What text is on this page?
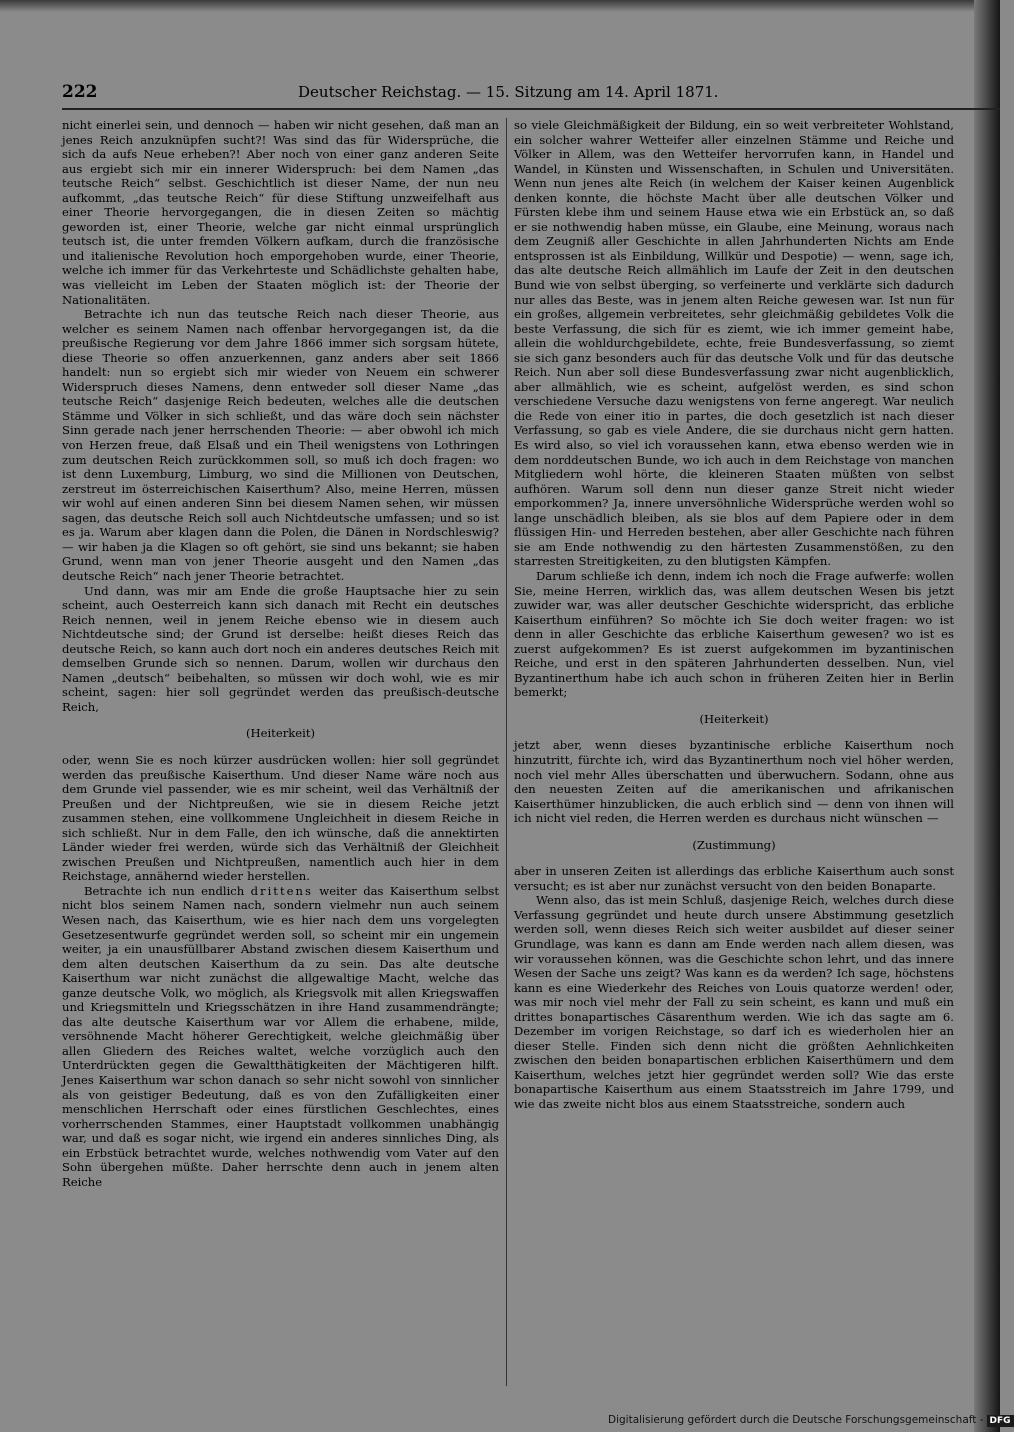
222	Deutscher Reichstag. — 15. Sitzung am 14. April 1871.

nicht einerlei sein, und dennoch — haben wir nicht gesehen, daß man an jenes Reich anzuknüpfen sucht?! Was sind das für Widersprüche, die sich da aufs Neue erheben?! Aber noch von einer ganz anderen Seite aus ergiebt sich mir ein innerer Widerspruch: bei dem Namen „das teutsche Reich“ selbst. Geschichtlich ist dieser Name, der nun neu aufkommt, „das teutsche Reich“ für diese Stiftung unzweifelhaft aus einer Theorie hervorgegangen, die in diesen Zeiten so mächtig geworden ist, einer Theorie, welche gar nicht einmal ursprünglich teutsch ist, die unter fremden Völkern aufkam, durch die französische und italienische Revolution hoch emporgehoben wurde, einer Theorie, welche ich immer für das Verkehrteste und Schädlichste gehalten habe, was vielleicht im Leben der Staaten möglich ist: der Theorie der Nationalitäten.

Betrachte ich nun das teutsche Reich nach dieser Theorie, aus welcher es seinem Namen nach offenbar hervorgegangen ist, da die preußische Regierung vor dem Jahre 1866 immer sich sorgsam hütete, diese Theorie so offen anzuerkennen, ganz anders aber seit 1866 handelt: nun so ergiebt sich mir wieder von Neuem ein schwerer Widerspruch dieses Namens, denn entweder soll dieser Name „das teutsche Reich“ dasjenige Reich bedeuten, welches alle die deutschen Stämme und Völker in sich schließt, und das wäre doch sein nächster Sinn gerade nach jener herrschenden Theorie: — aber obwohl ich mich von Herzen freue, daß Elsaß und ein Theil wenigstens von Lothringen zum deutschen Reich zurückkommen soll, so muß ich doch fragen: wo ist denn Luxemburg, Limburg, wo sind die Millionen von Deutschen, zerstreut im österreichischen Kaiserthum? Also, meine Herren, müssen wir wohl auf einen anderen Sinn bei diesem Namen sehen, wir müssen sagen, das deutsche Reich soll auch Nichtdeutsche umfassen; und so ist es ja. Warum aber klagen dann die Polen, die Dänen in Nordschleswig? — wir haben ja die Klagen so oft gehört, sie sind uns bekannt; sie haben Grund, wenn man von jener Theorie ausgeht und den Namen „das deutsche Reich“ nach jener Theorie betrachtet.

Und dann, was mir am Ende die große Hauptsache hier zu sein scheint, auch Oesterreich kann sich danach mit Recht ein deutsches Reich nennen, weil in jenem Reiche ebenso wie in diesem auch Nichtdeutsche sind; der Grund ist derselbe: heißt dieses Reich das deutsche Reich, so kann auch dort noch ein anderes deutsches Reich mit demselben Grunde sich so nennen. Darum, wollen wir durchaus den Namen „deutsch“ beibehalten, so müssen wir doch wohl, wie es mir scheint, sagen: hier soll gegründet werden das preußisch-deutsche Reich,

(Heiterkeit)

oder, wenn Sie es noch kürzer ausdrücken wollen: hier soll gegründet werden das preußische Kaiserthum. Und dieser Name wäre noch aus dem Grunde viel passender, wie es mir scheint, weil das Verhältniß der Preußen und der Nichtpreußen, wie sie in diesem Reiche jetzt zusammen stehen, eine vollkommene Ungleichheit in diesem Reiche in sich schließt. Nur in dem Falle, den ich wünsche, daß die annektirten Länder wieder frei werden, würde sich das Verhältniß der Gleichheit zwischen Preußen und Nichtpreußen, namentlich auch hier in dem Reichstage, annähernd wieder herstellen.

Betrachte ich nun endlich drittens weiter das Kaiserthum selbst nicht blos seinem Namen nach, sondern vielmehr nun auch seinem Wesen nach, das Kaiserthum, wie es hier nach dem uns vorgelegten Gesetzesentwurfe gegründet werden soll, so scheint mir ein ungemein weiter, ja ein unausfüllbarer Abstand zwischen diesem Kaiserthum und dem alten deutschen Kaiserthum da zu sein. Das alte deutsche Kaiserthum war nicht zunächst die allgewaltige Macht, welche das ganze deutsche Volk, wo möglich, als Kriegsvolk mit allen Kriegswaffen und Kriegsmitteln und Kriegsschätzen in ihre Hand zusammendrängte; das alte deutsche Kaiserthum war vor Allem die erhabene, milde, versöhnende Macht höherer Gerechtigkeit, welche gleichmäßig über allen Gliedern des Reiches waltet, welche vorzüglich auch den Unterdrückten gegen die Gewaltthätigkeiten der Mächtigeren hilft. Jenes Kaiserthum war schon danach so sehr nicht sowohl von sinnlicher als von geistiger Bedeutung, daß es von den Zufälligkeiten einer menschlichen Herrschaft oder eines fürstlichen Geschlechtes, eines vorherrschenden Stammes, einer Hauptstadt vollkommen unabhängig war, und daß es sogar nicht, wie irgend ein anderes sinnliches Ding, als ein Erbstück betrachtet wurde, welches nothwendig vom Vater auf den Sohn übergehen müßte. Daher herrschte denn auch in jenem alten Reiche

so viele Gleichmäßigkeit der Bildung, ein so weit verbreiteter Wohlstand, ein solcher wahrer Wetteifer aller einzelnen Stämme und Reiche und Völker in Allem, was den Wetteifer hervorrufen kann, in Handel und Wandel, in Künsten und Wissenschaften, in Schulen und Universitäten. Wenn nun jenes alte Reich (in welchem der Kaiser keinen Augenblick denken konnte, die höchste Macht über alle deutschen Völker und Fürsten klebe ihm und seinem Hause etwa wie ein Erbstück an, so daß er sie nothwendig haben müsse, ein Glaube, eine Meinung, woraus nach dem Zeugniß aller Geschichte in allen Jahrhunderten Nichts am Ende entsprossen ist als Einbildung, Willkür und Despotie) — wenn, sage ich, das alte deutsche Reich allmählich im Laufe der Zeit in den deutschen Bund wie von selbst überging, so verfeinerte und verklärte sich dadurch nur alles das Beste, was in jenem alten Reiche gewesen war. Ist nun für ein großes, allgemein verbreitetes, sehr gleichmäßig gebildetes Volk die beste Verfassung, die sich für es ziemt, wie ich immer gemeint habe, allein die wohldurchgebildete, echte, freie Bundesverfassung, so ziemt sie sich ganz besonders auch für das deutsche Volk und für das deutsche Reich. Nun aber soll diese Bundesverfassung zwar nicht augenblicklich, aber allmählich, wie es scheint, aufgelöst werden, es sind schon verschiedene Versuche dazu wenigstens von ferne angeregt. War neulich die Rede von einer itio in partes, die doch gesetzlich ist nach dieser Verfassung, so gab es viele Andere, die sie durchaus nicht gern hatten. Es wird also, so viel ich voraussehen kann, etwa ebenso werden wie in dem norddeutschen Bunde, wo ich auch in dem Reichstage von manchen Mitgliedern wohl hörte, die kleineren Staaten müßten von selbst aufhören. Warum soll denn nun dieser ganze Streit nicht wieder emporkommen? Ja, innere unversöhnliche Widersprüche werden wohl so lange unschädlich bleiben, als sie blos auf dem Papiere oder in dem flüssigen Hin- und Herreden bestehen, aber aller Geschichte nach führen sie am Ende nothwendig zu den härtesten Zusammenstößen, zu den starresten Streitigkeiten, zu den blutigsten Kämpfen.

Darum schließe ich denn, indem ich noch die Frage aufwerfe: wollen Sie, meine Herren, wirklich das, was allem deutschen Wesen bis jetzt zuwider war, was aller deutscher Geschichte widerspricht, das erbliche Kaiserthum einführen? So möchte ich Sie doch weiter fragen: wo ist denn in aller Geschichte das erbliche Kaiserthum gewesen? wo ist es zuerst aufgekommen? Es ist zuerst aufgekommen im byzantinischen Reiche, und erst in den späteren Jahrhunderten desselben. Nun, viel Byzantinerthum habe ich auch schon in früheren Zeiten hier in Berlin bemerkt;

(Heiterkeit)

jetzt aber, wenn dieses byzantinische erbliche Kaiserthum noch hinzutritt, fürchte ich, wird das Byzantinerthum noch viel höher werden, noch viel mehr Alles überschatten und überwuchern. Sodann, ohne aus den neuesten Zeiten auf die amerikanischen und afrikanischen Kaiserthümer hinzublicken, die auch erblich sind — denn von ihnen will ich nicht viel reden, die Herren werden es durchaus nicht wünschen —

(Zustimmung)

aber in unseren Zeiten ist allerdings das erbliche Kaiserthum auch sonst versucht; es ist aber nur zunächst versucht von den beiden Bonaparte.

Wenn also, das ist mein Schluß, dasjenige Reich, welches durch diese Verfassung gegründet und heute durch unsere Abstimmung gesetzlich werden soll, wenn dieses Reich sich weiter ausbildet auf dieser seiner Grundlage, was kann es dann am Ende werden nach allem diesen, was wir voraussehen können, was die Geschichte schon lehrt, und das innere Wesen der Sache uns zeigt? Was kann es da werden? Ich sage, höchstens kann es eine Wiederkehr des Reiches von Louis quatorze werden! oder, was mir noch viel mehr der Fall zu sein scheint, es kann und muß ein drittes bonapartisches Cäsarenthum werden. Wie ich das sagte am 6. Dezember im vorigen Reichstage, so darf ich es wiederholen hier an dieser Stelle. Finden sich denn nicht die größten Aehnlichkeiten zwischen den beiden bonapartischen erblichen Kaiserthümern und dem Kaiserthum, welches jetzt hier gegründet werden soll? Wie das erste bonapartische Kaiserthum aus einem Staatsstreich im Jahre 1799, und wie das zweite nicht blos aus einem Staatsstreiche, sondern auch

Digitalisierung gefördert durch die Deutsche Forschungsgemeinschaft - DFG
